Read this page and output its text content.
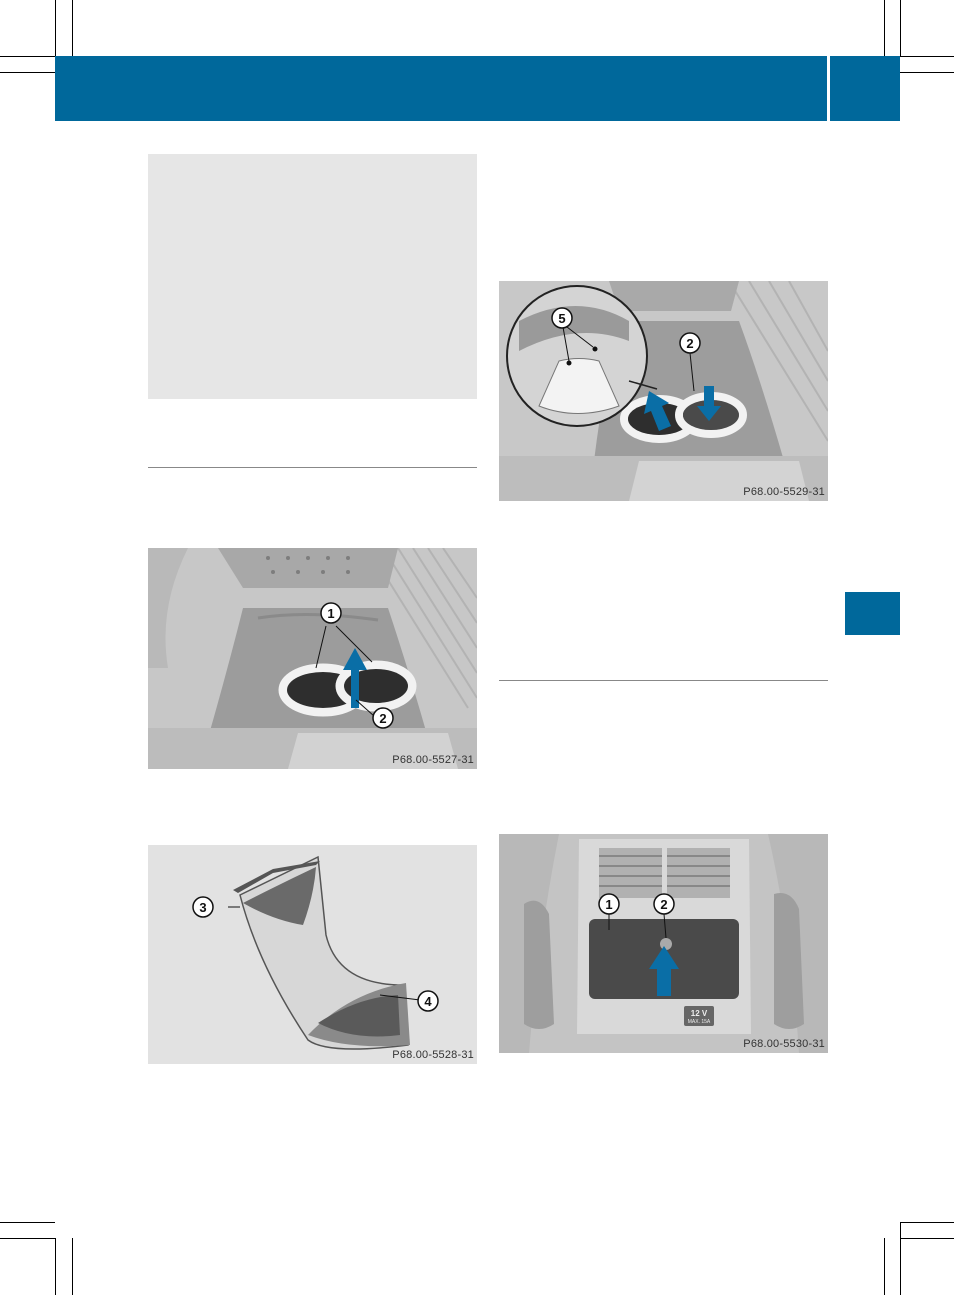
1
2
P68.00-5527-31
3
4
P68.00-5528-31
5
2
P68.00-5529-31
12 V
MAX. 15A
1	2
P68.00-5530-31
